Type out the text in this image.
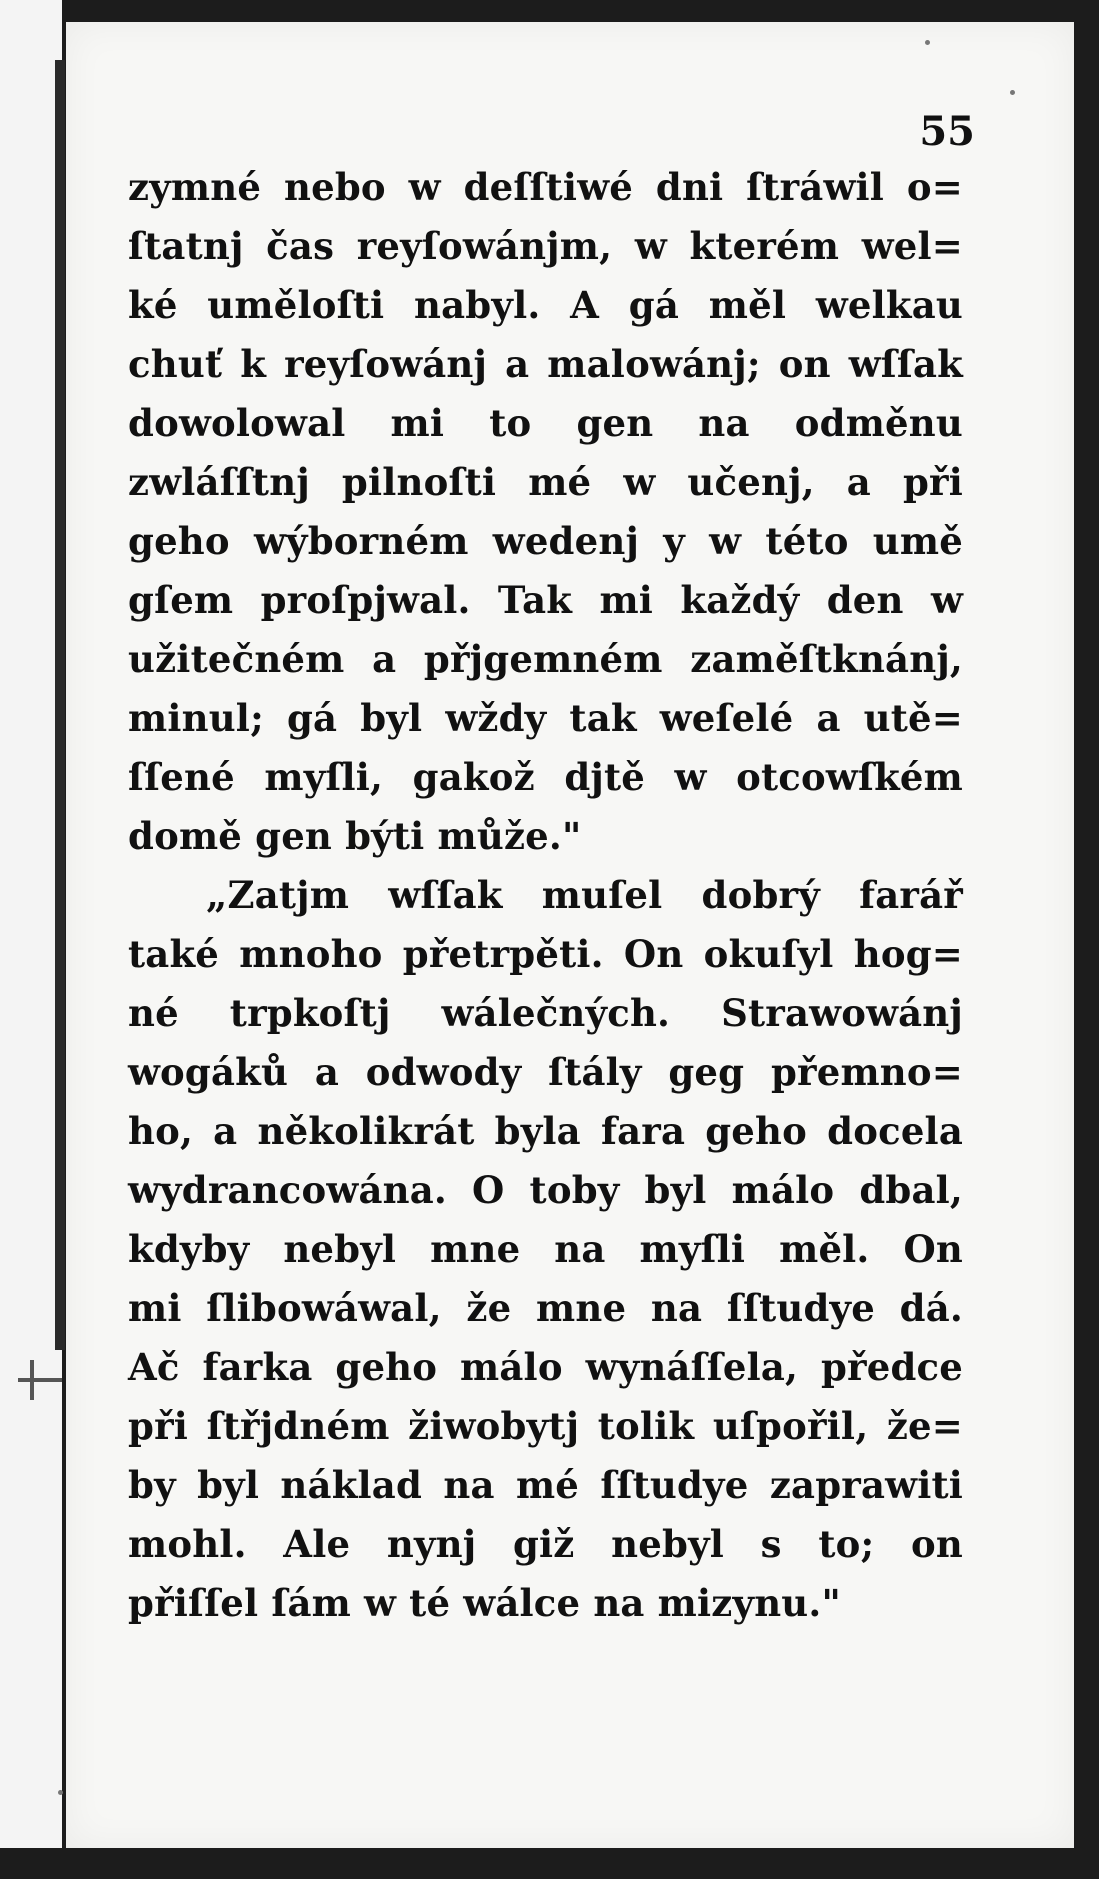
55
zymné nebo w deſſtiwé dni ſtráwil o=
ſtatnj čas reyſowánjm, w kterém wel=
ké uměloſti nabyl. A gá měl welkau
chuť k reyſowánj a malowánj; on wſſak
dowolowal mi to gen na odměnu
zwláſſtnj pilnoſti mé w učenj, a při
geho wýborném wedenj y w této umě
gſem proſpjwal. Tak mi každý den w
užitečném a přjgemném zaměſtknánj,
minul; gá byl wždy tak weſelé a utě=
ſſené myſli, gakož djtě w otcowſkém
domě gen býti může."
„Zatjm wſſak muſel dobrý farář
také mnoho přetrpěti. On okuſyl hog=
né trpkoſtj wálečných. Strawowánj
wogáků a odwody ſtály geg přemno=
ho, a několikrát byla fara geho docela
wydrancowána. O toby byl málo dbal,
kdyby nebyl mne na myſli měl. On
mi ſlibowáwal, že mne na ſſtudye dá.
Ač farka geho málo wynáſſela, předce
při ſtřjdném žiwobytj tolik uſpořil, že=
by byl náklad na mé ſſtudye zaprawiti
mohl. Ale nynj giž nebyl s to; on
přiſſel ſám w té wálce na mizynu."
